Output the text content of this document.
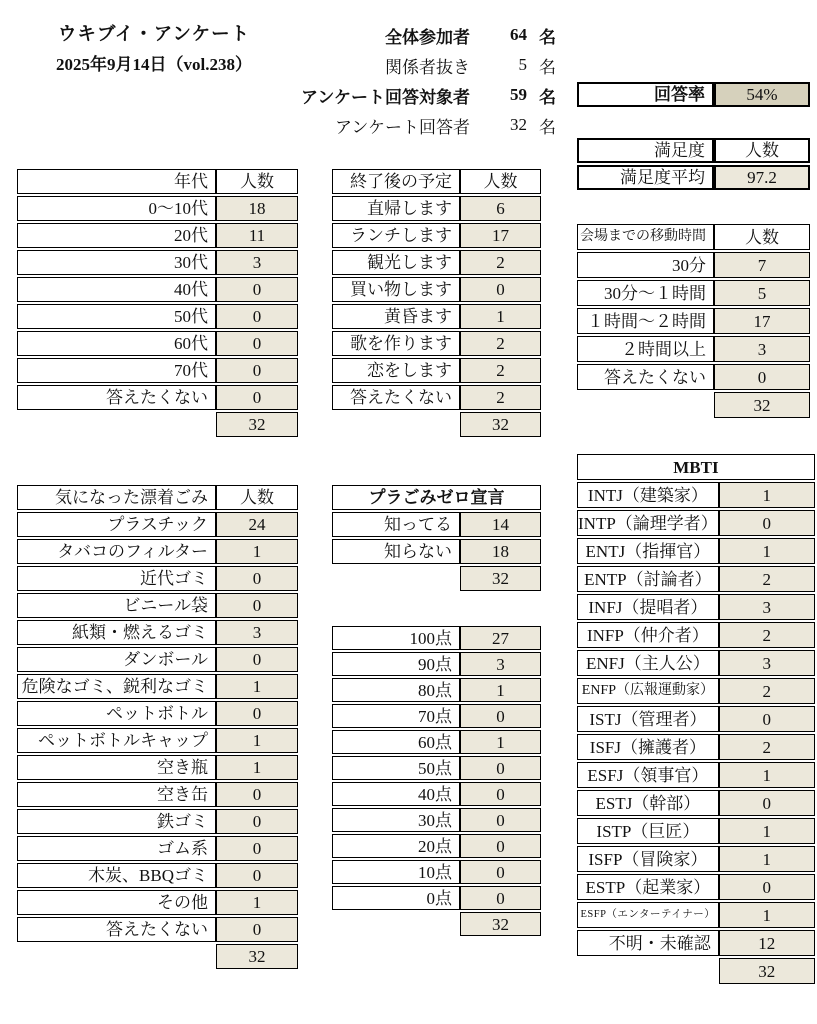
ウキブイ・アンケート
2025年9月14日（vol.238）
全体参加者	64 名
関係者抜き	5 名
アンケート回答対象者	59 名
アンケート回答者	32 名
回答率	54%
満足度	人数
満足度平均	97.2
年代	人数
0～10代	18
20代	11
30代	3
40代	0
50代	0
60代	0
70代	0
答えたくない	0
	32
終了後の予定	人数
直帰します	6
ランチします	17
観光します	2
買い物します	0
黄昏ます	1
歌を作ります	2
恋をします	2
答えたくない	2
	32
会場までの移動時間	人数
30分	7
30分～１時間	5
１時間～２時間	17
２時間以上	3
答えたくない	0
	32
気になった漂着ごみ	人数
プラスチック	24
タバコのフィルター	1
近代ゴミ	0
ビニール袋	0
紙類・燃えるゴミ	3
ダンボール	0
危険なゴミ、鋭利なゴミ	1
ペットボトル	0
ペットボトルキャップ	1
空き瓶	1
空き缶	0
鉄ゴミ	0
ゴム系	0
木炭、BBQゴミ	0
その他	1
答えたくない	0
	32
プラごみゼロ宣言	
知ってる	14
知らない	18
	32
100点	27
90点	3
80点	1
70点	0
60点	1
50点	0
40点	0
30点	0
20点	0
10点	0
0点	0
	32
MBTI	
INTJ（建築家）	1
INTP（論理学者）	0
ENTJ（指揮官）	1
ENTP（討論者）	2
INFJ（提唱者）	3
INFP（仲介者）	2
ENFJ（主人公）	3
ENFP（広報運動家）	2
ISTJ（管理者）	0
ISFJ（擁護者）	2
ESFJ（領事官）	1
ESTJ（幹部）	0
ISTP（巨匠）	1
ISFP（冒険家）	1
ESTP（起業家）	0
ESFP（エンターテイナー）	1
不明・未確認	12
	32
